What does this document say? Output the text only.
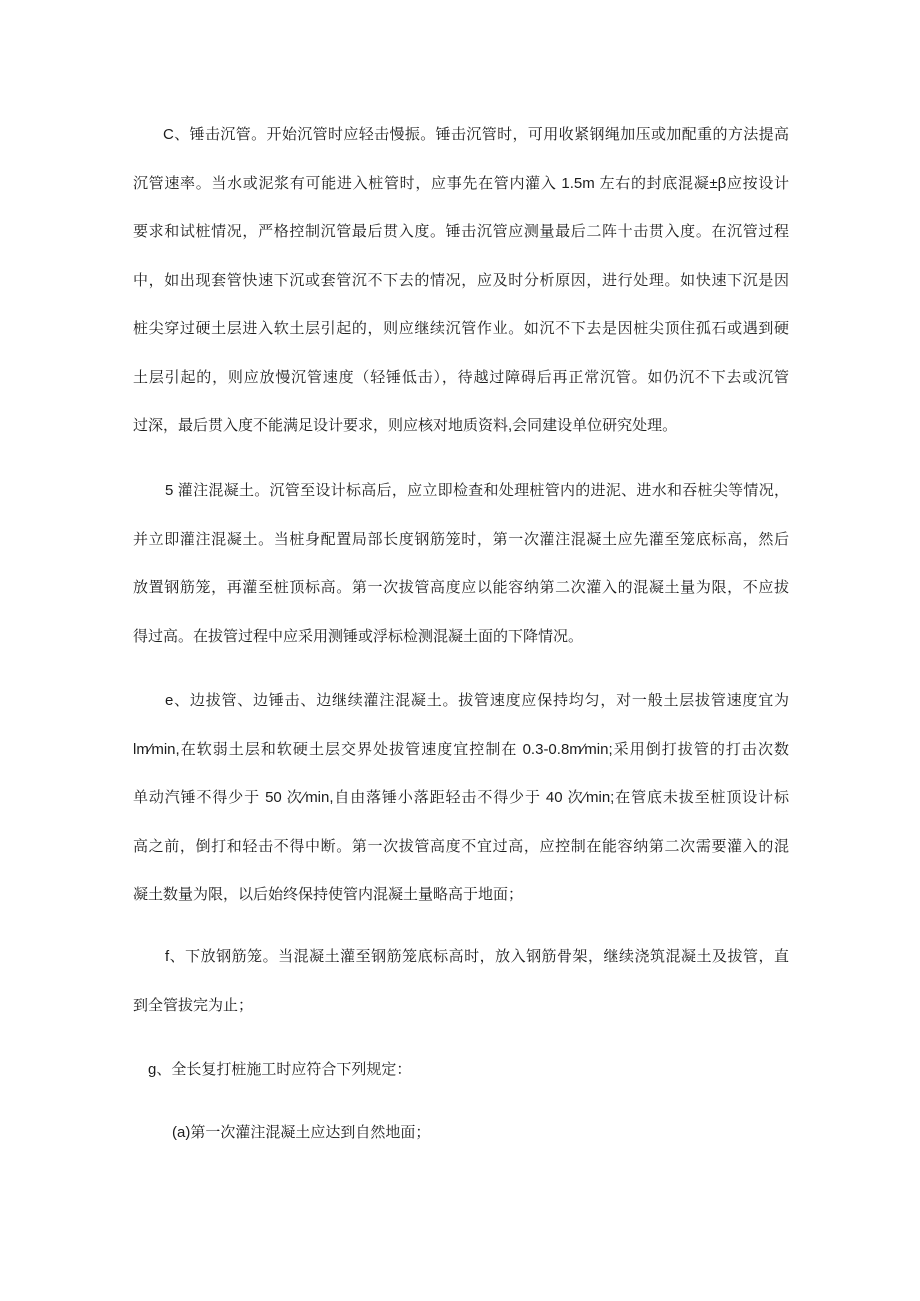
C、锤击沉管。开始沉管时应轻击慢振。锤击沉管时，可用收紧钢绳加压或加配重的方法提高
沉管速率。当水或泥浆有可能进入桩管时，应事先在管内灌入 1.5m 左右的封底混凝±β应按设计
要求和试桩情况，严格控制沉管最后贯入度。锤击沉管应测量最后二阵十击贯入度。在沉管过程
中，如出现套管快速下沉或套管沉不下去的情况，应及时分析原因，进行处理。如快速下沉是因
桩尖穿过硬土层进入软土层引起的，则应继续沉管作业。如沉不下去是因桩尖顶住孤石或遇到硬
土层引起的，则应放慢沉管速度（轻锤低击），待越过障碍后再正常沉管。如仍沉不下去或沉管
过深，最后贯入度不能满足设计要求，则应核对地质资料,会同建设单位研究处理。
5 灌注混凝土。沉管至设计标高后，应立即检查和处理桩管内的进泥、进水和吞桩尖等情况，
并立即灌注混凝土。当桩身配置局部长度钢筋笼时，第一次灌注混凝土应先灌至笼底标高，然后
放置钢筋笼，再灌至桩顶标高。第一次拔管高度应以能容纳第二次灌入的混凝土量为限，不应拔
得过高。在拔管过程中应采用测锤或浮标检测混凝土面的下降情况。
e、边拔管、边锤击、边继续灌注混凝土。拔管速度应保持均匀，对一般土层拔管速度宜为
lm∕min,在软弱土层和软硬土层交界处拔管速度宜控制在 0.3-0.8m∕min;采用倒打拔管的打击次数
单动汽锤不得少于 50 次∕min,自由落锤小落距轻击不得少于 40 次∕min;在管底未拔至桩顶设计标
高之前，倒打和轻击不得中断。第一次拔管高度不宜过高，应控制在能容纳第二次需要灌入的混
凝土数量为限，以后始终保持使管内混凝土量略高于地面；
f、下放钢筋笼。当混凝土灌至钢筋笼底标高时，放入钢筋骨架，继续浇筑混凝土及拔管，直
到全管拔完为止；
g、全长复打桩施工时应符合下列规定：
(a)第一次灌注混凝土应达到自然地面；
